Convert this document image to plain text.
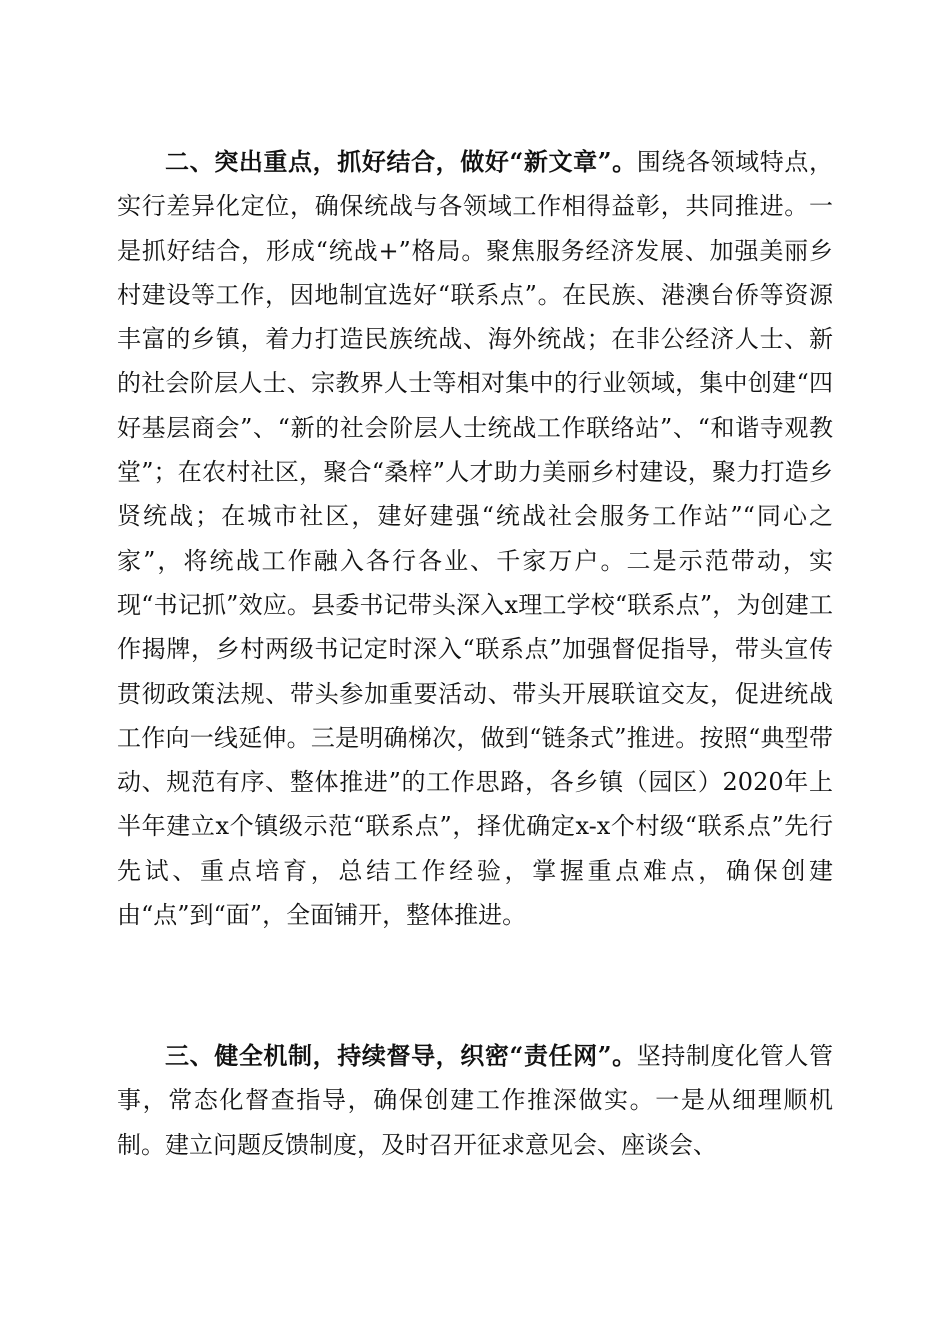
二、突出重点，抓好结合，做好“新文章”。围绕各领域特点，实行差异化定位，确保统战与各领域工作相得益彰，共同推进。一是抓好结合，形成“统战+”格局。聚焦服务经济发展、加强美丽乡村建设等工作，因地制宜选好“联系点”。在民族、港澳台侨等资源丰富的乡镇，着力打造民族统战、海外统战；在非公经济人士、新的社会阶层人士、宗教界人士等相对集中的行业领域，集中创建“四好基层商会”、“新的社会阶层人士统战工作联络站”、“和谐寺观教堂”；在农村社区，聚合“桑梓”人才助力美丽乡村建设，聚力打造乡贤统战；在城市社区，建好建强“统战社会服务工作站”“同心之家”，将统战工作融入各行各业、千家万户。二是示范带动，实现“书记抓”效应。县委书记带头深入x理工学校“联系点”，为创建工作揭牌，乡村两级书记定时深入“联系点”加强督促指导，带头宣传贯彻政策法规、带头参加重要活动、带头开展联谊交友，促进统战工作向一线延伸。三是明确梯次，做到“链条式”推进。按照“典型带动、规范有序、整体推进”的工作思路，各乡镇（园区）2020年上半年建立x个镇级示范“联系点”，择优确定x-x个村级“联系点”先行先试、重点培育，总结工作经验，掌握重点难点，确保创建由“点”到“面”，全面铺开，整体推进。

三、健全机制，持续督导，织密“责任网”。坚持制度化管人管事，常态化督查指导，确保创建工作推深做实。一是从细理顺机制。建立问题反馈制度，及时召开征求意见会、座谈会、
